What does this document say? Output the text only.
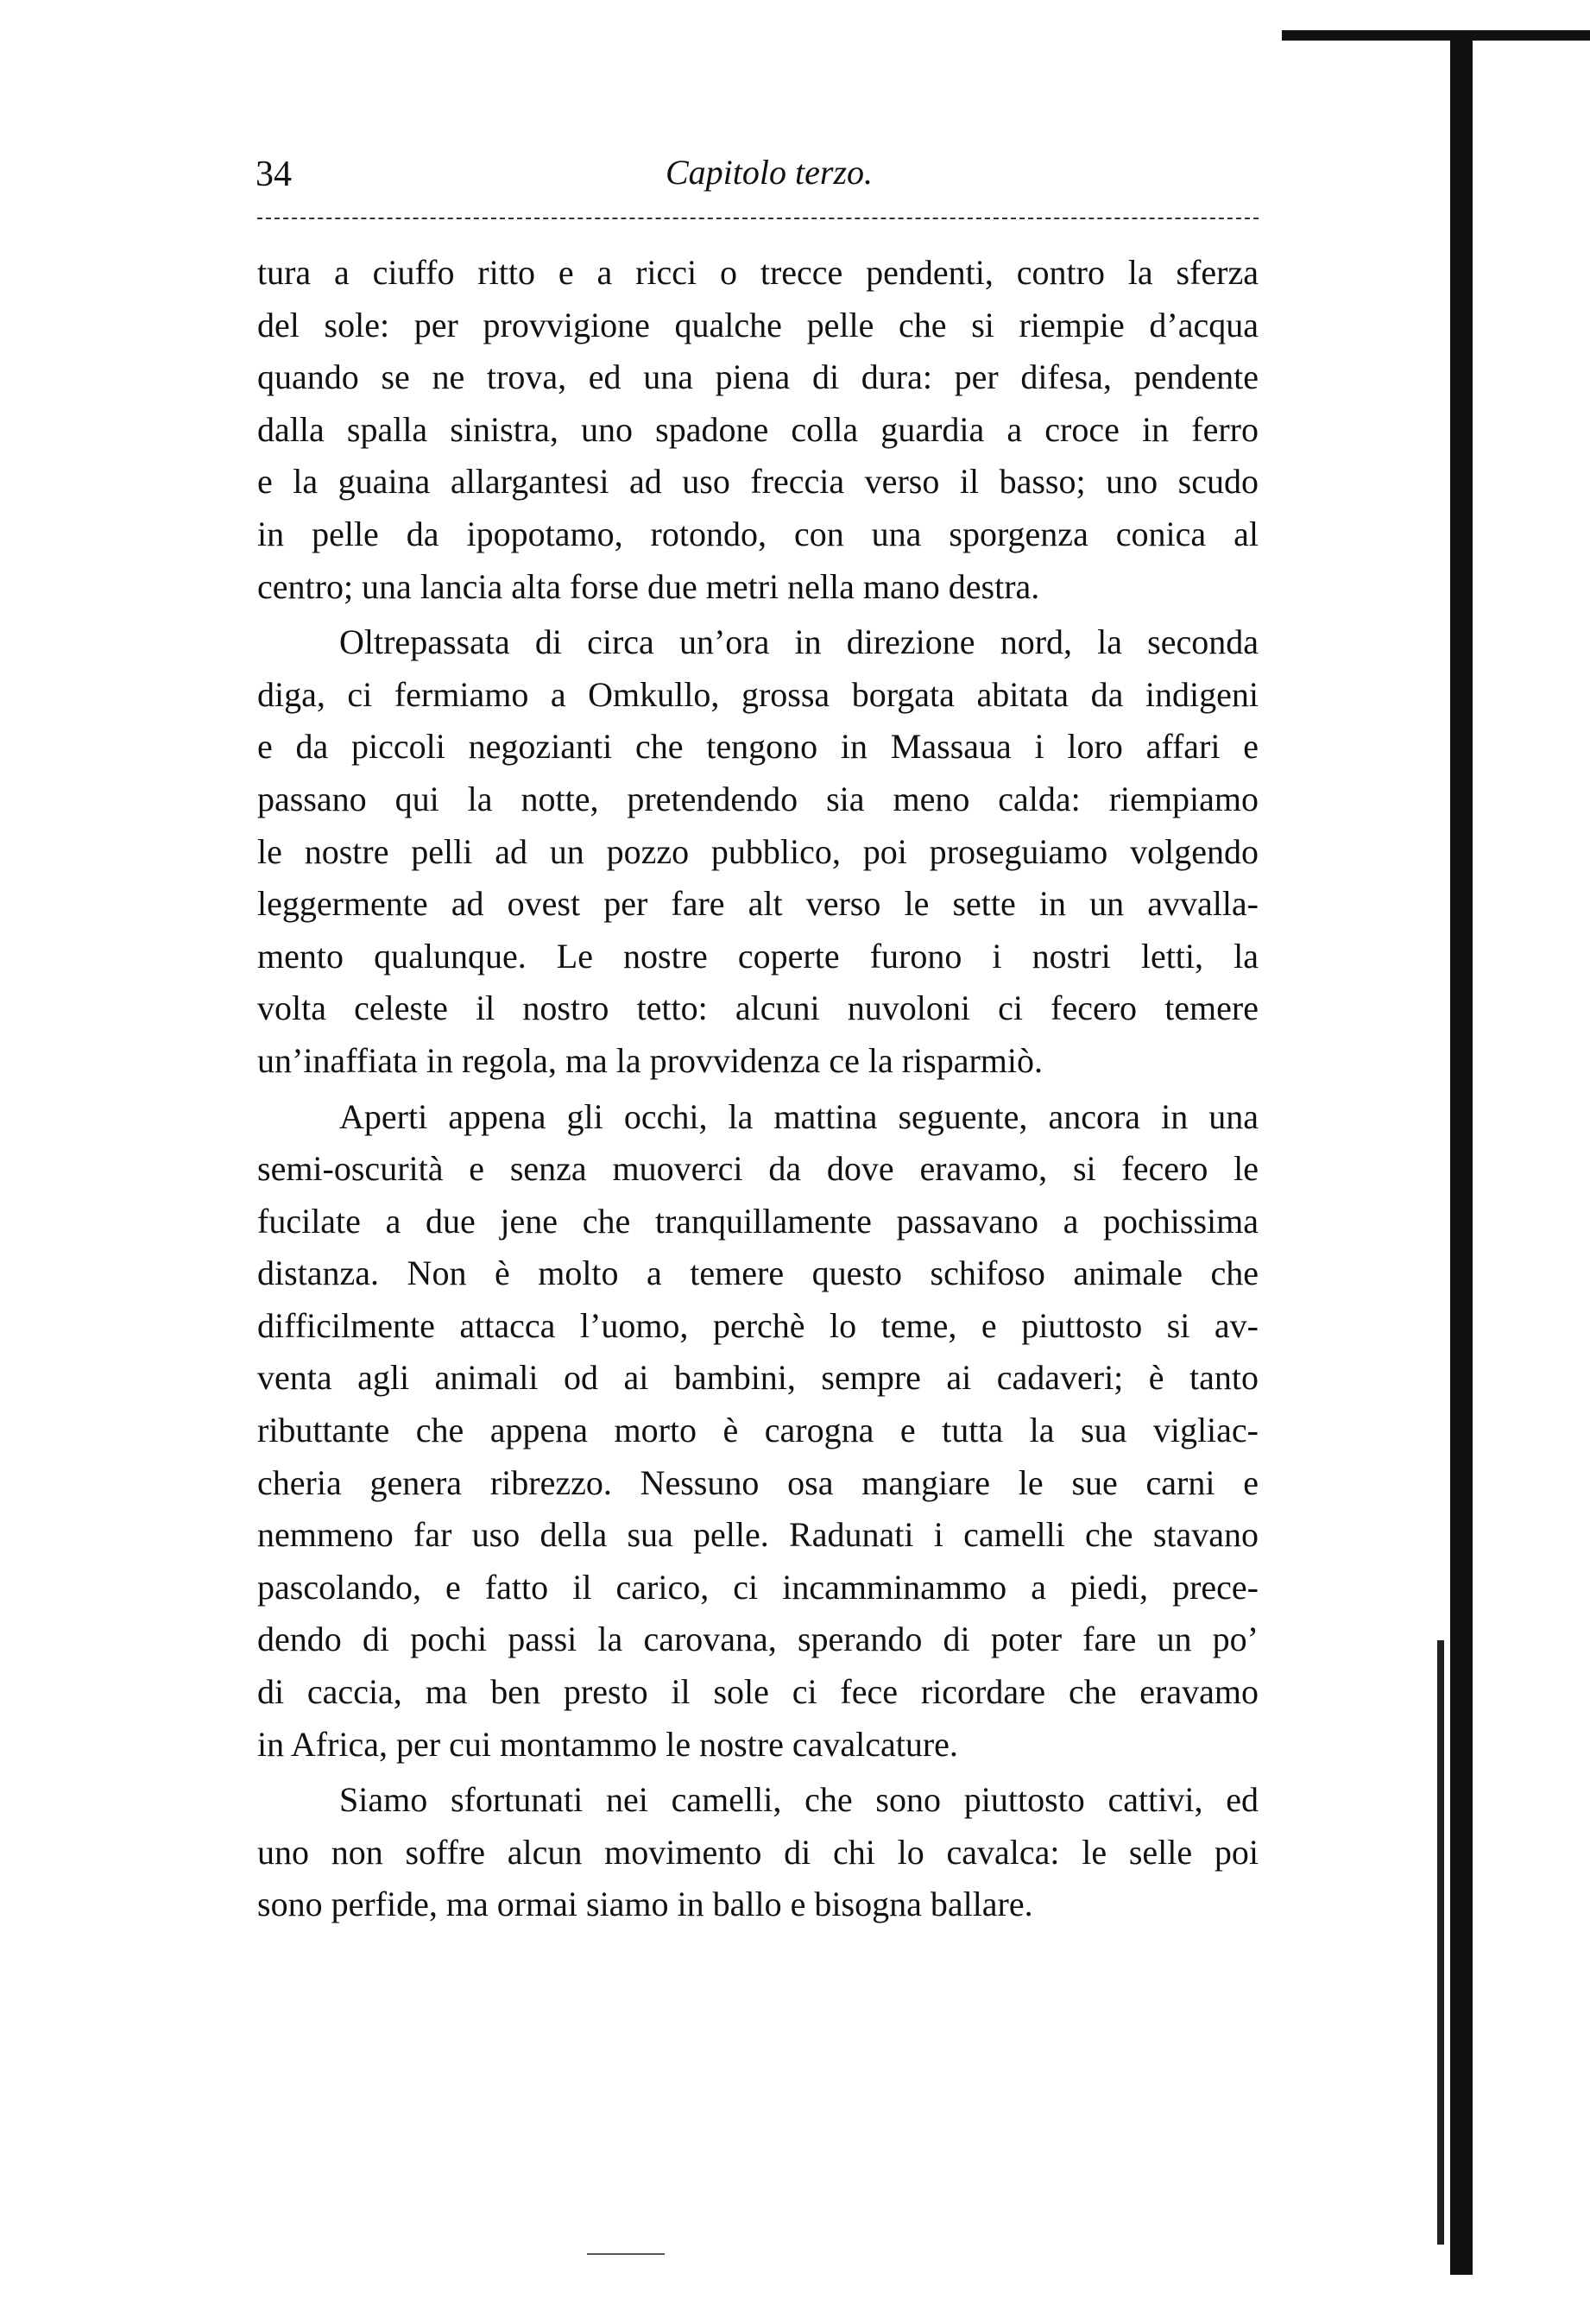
34	Capitolo terzo.
tura a ciuffo ritto e a ricci o trecce pendenti, contro la sferza
del sole: per provvigione qualche pelle che si riempie d’acqua
quando se ne trova, ed una piena di dura: per difesa, pendente
dalla spalla sinistra, uno spadone colla guardia a croce in ferro
e la guaina allargantesi ad uso freccia verso il basso; uno scudo
in pelle da ipopotamo, rotondo, con una sporgenza conica al
centro; una lancia alta forse due metri nella mano destra.
Oltrepassata di circa un’ora in direzione nord, la seconda
diga, ci fermiamo a Omkullo, grossa borgata abitata da indigeni
e da piccoli negozianti che tengono in Massaua i loro affari e
passano qui la notte, pretendendo sia meno calda: riempiamo
le nostre pelli ad un pozzo pubblico, poi proseguiamo volgendo
leggermente ad ovest per fare alt verso le sette in un avvalla-
mento qualunque. Le nostre coperte furono i nostri letti, la
volta celeste il nostro tetto: alcuni nuvoloni ci fecero temere
un’inaffiata in regola, ma la provvidenza ce la risparmiò.
Aperti appena gli occhi, la mattina seguente, ancora in una
semi-oscurità e senza muoverci da dove eravamo, si fecero le
fucilate a due jene che tranquillamente passavano a pochissima
distanza. Non è molto a temere questo schifoso animale che
difficilmente attacca l’uomo, perchè lo teme, e piuttosto si av-
venta agli animali od ai bambini, sempre ai cadaveri; è tanto
ributtante che appena morto è carogna e tutta la sua vigliac-
cheria genera ribrezzo. Nessuno osa mangiare le sue carni e
nemmeno far uso della sua pelle. Radunati i camelli che stavano
pascolando, e fatto il carico, ci incamminammo a piedi, prece-
dendo di pochi passi la carovana, sperando di poter fare un po’
di caccia, ma ben presto il sole ci fece ricordare che eravamo
in Africa, per cui montammo le nostre cavalcature.
Siamo sfortunati nei camelli, che sono piuttosto cattivi, ed
uno non soffre alcun movimento di chi lo cavalca: le selle poi
sono perfide, ma ormai siamo in ballo e bisogna ballare.
